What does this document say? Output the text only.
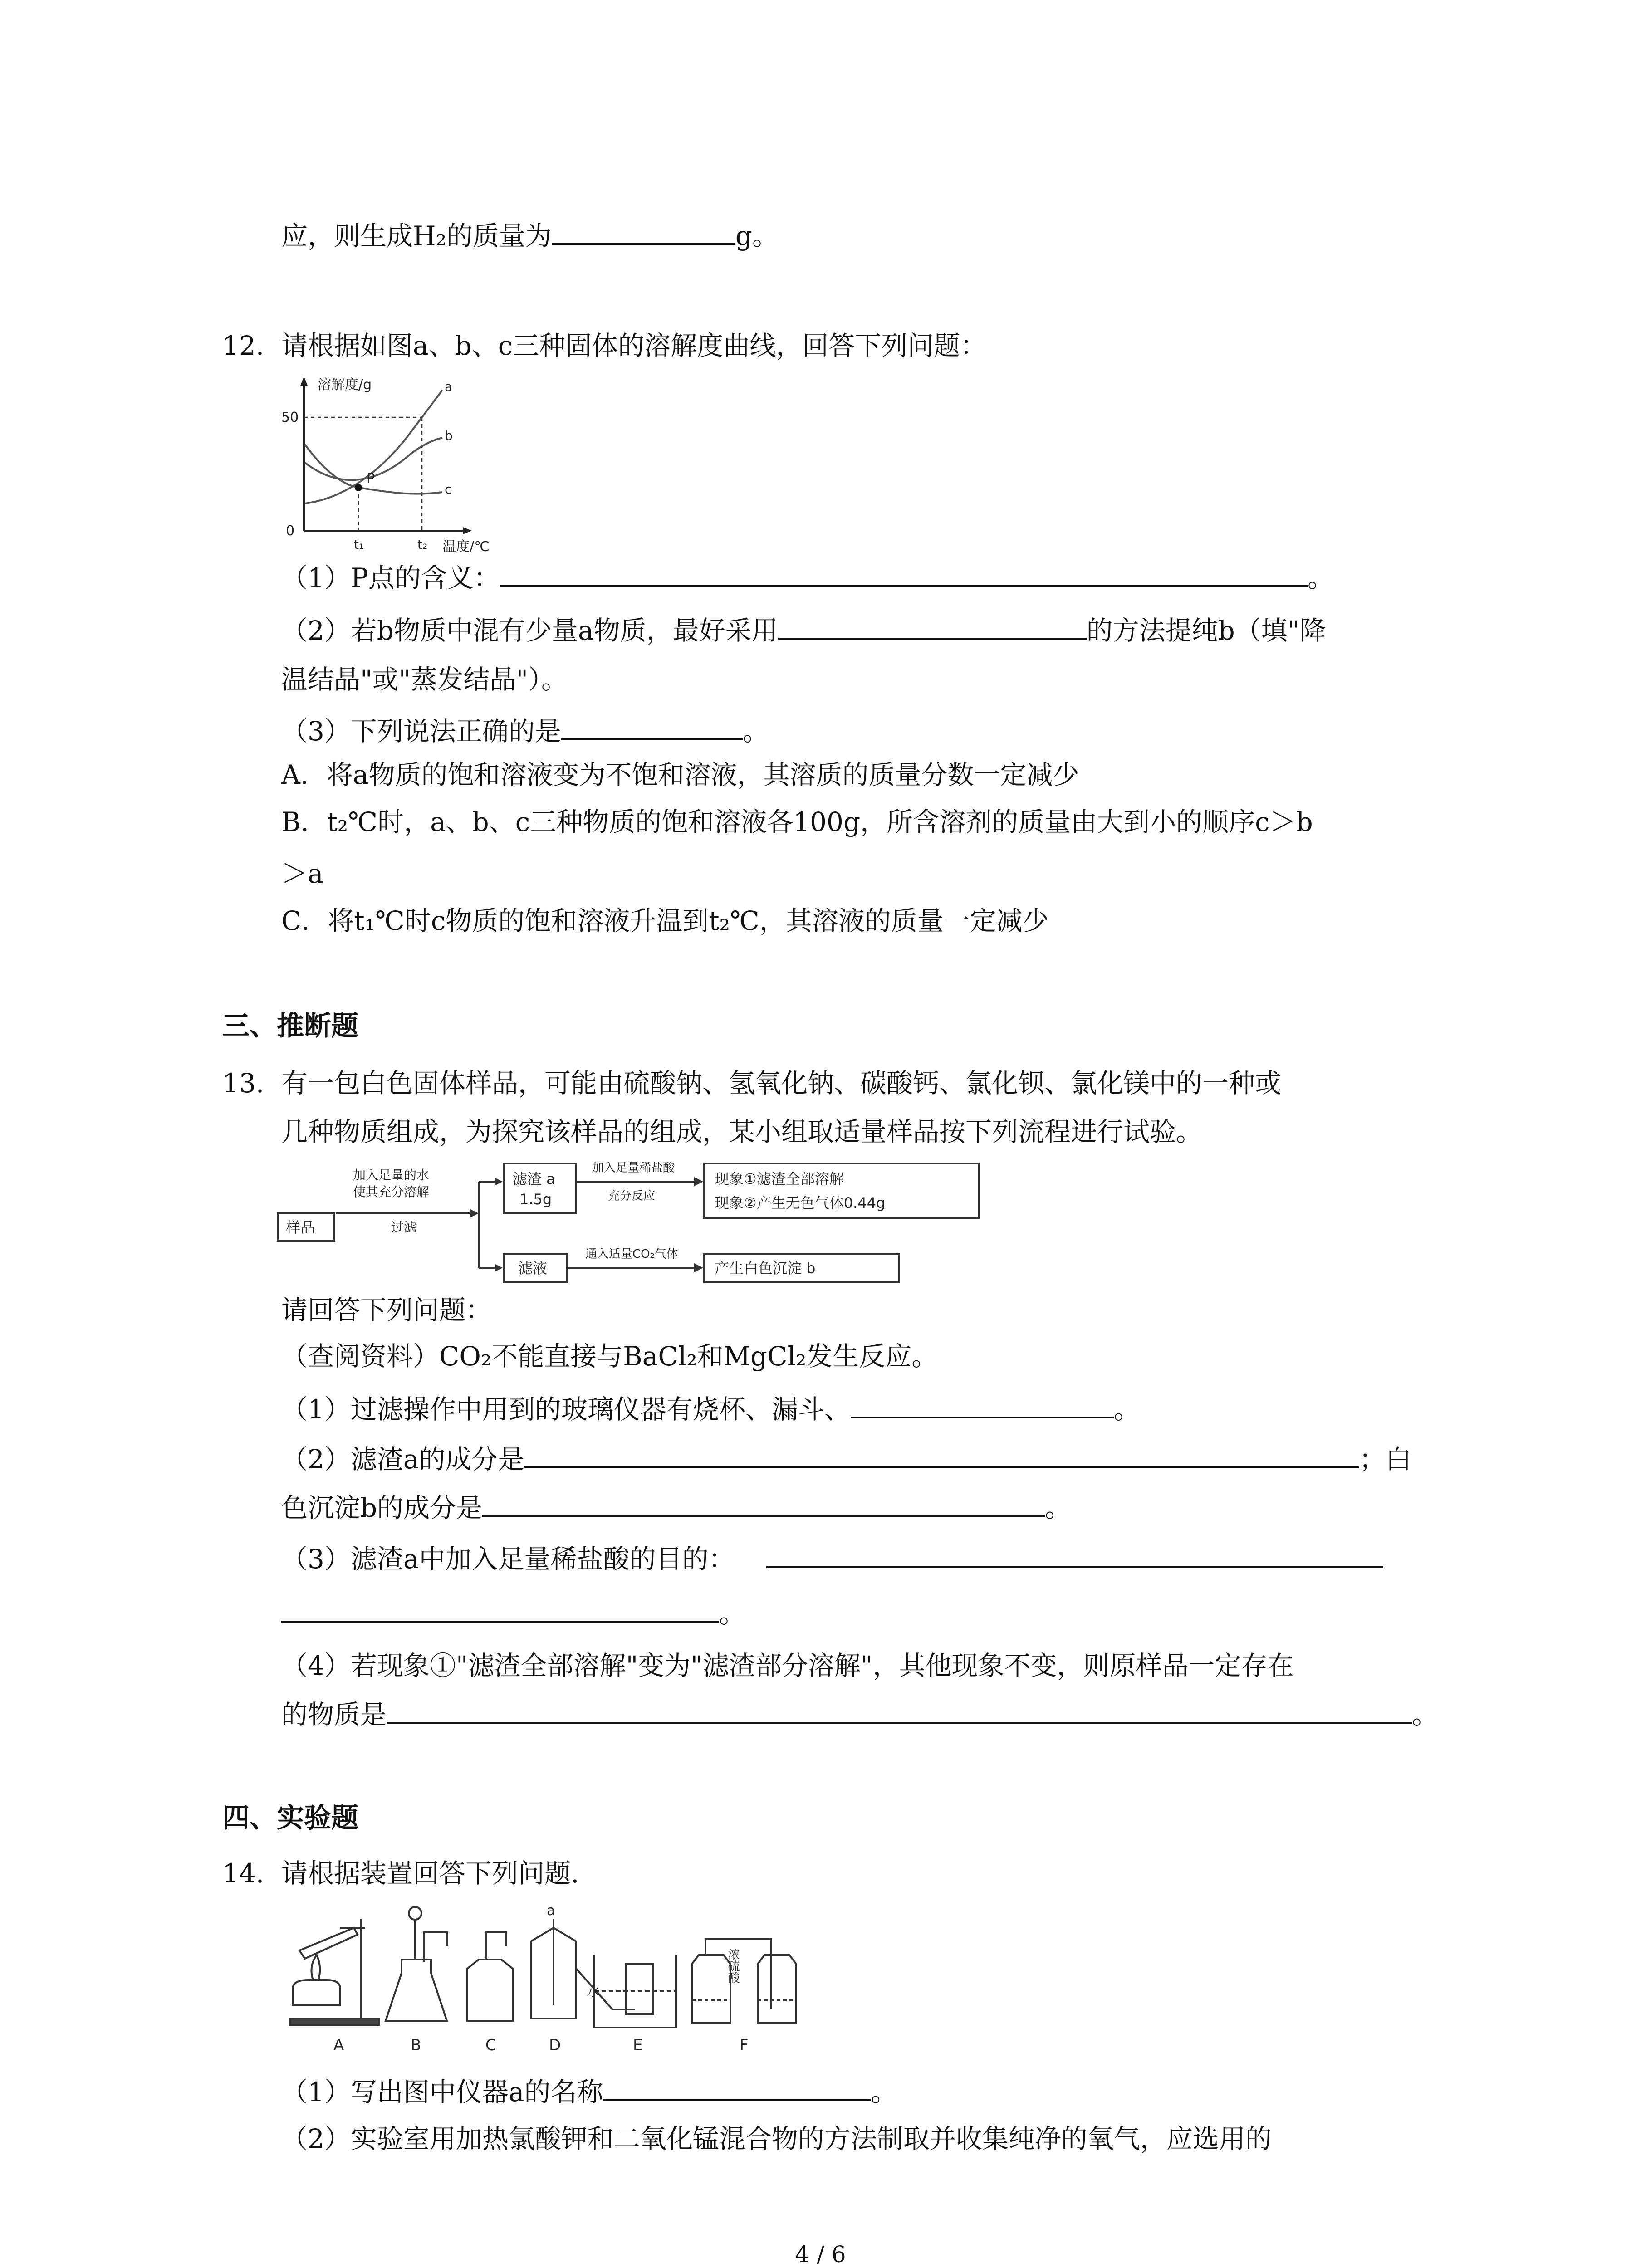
应，则生成H₂的质量为	g。
12. 请根据如图a、b、c三种固体的溶解度曲线，回答下列问题：
溶解度/g
50
0
a
b
c
P
t₁	t₂ 温度/℃
（1）P点的含义：	。
（2）若b物质中混有少量a物质，最好采用	的方法提纯b（填"降
温结晶"或"蒸发结晶"）。
（3）下列说法正确的是	。
A．将a物质的饱和溶液变为不饱和溶液，其溶质的质量分数一定减少
B．t₂℃时，a、b、c三种物质的饱和溶液各100g，所含溶剂的质量由大到小的顺序c＞b
＞a
C．将t₁℃时c物质的饱和溶液升温到t₂℃，其溶液的质量一定减少
三、推断题
13. 有一包白色固体样品，可能由硫酸钠、氢氧化钠、碳酸钙、氯化钡、氯化镁中的一种或
几种物质组成，为探究该样品的组成，某小组取适量样品按下列流程进行试验。
样品
加入足量的水
使其充分溶解
过滤
滤渣 a
1.5g
加入足量稀盐酸
充分反应
现象①滤渣全部溶解
现象②产生无色气体0.44g
滤液
通入适量CO₂气体
产生白色沉淀 b
请回答下列问题：
（查阅资料）CO₂不能直接与BaCl₂和MgCl₂发生反应。
（1）过滤操作中用到的玻璃仪器有烧杯、漏斗、	。
（2）滤渣a的成分是	；白
色沉淀b的成分是	。
（3）滤渣a中加入足量稀盐酸的目的：
。
（4）若现象①"滤渣全部溶解"变为"滤渣部分溶解"，其他现象不变，则原样品一定存在
的物质是	。
四、实验题
14. 请根据装置回答下列问题.
a
水
浓硫酸
A	B	C	D	E	F
（1）写出图中仪器a的名称	。
（2）实验室用加热氯酸钾和二氧化锰混合物的方法制取并收集纯净的氧气，应选用的
4 / 6
